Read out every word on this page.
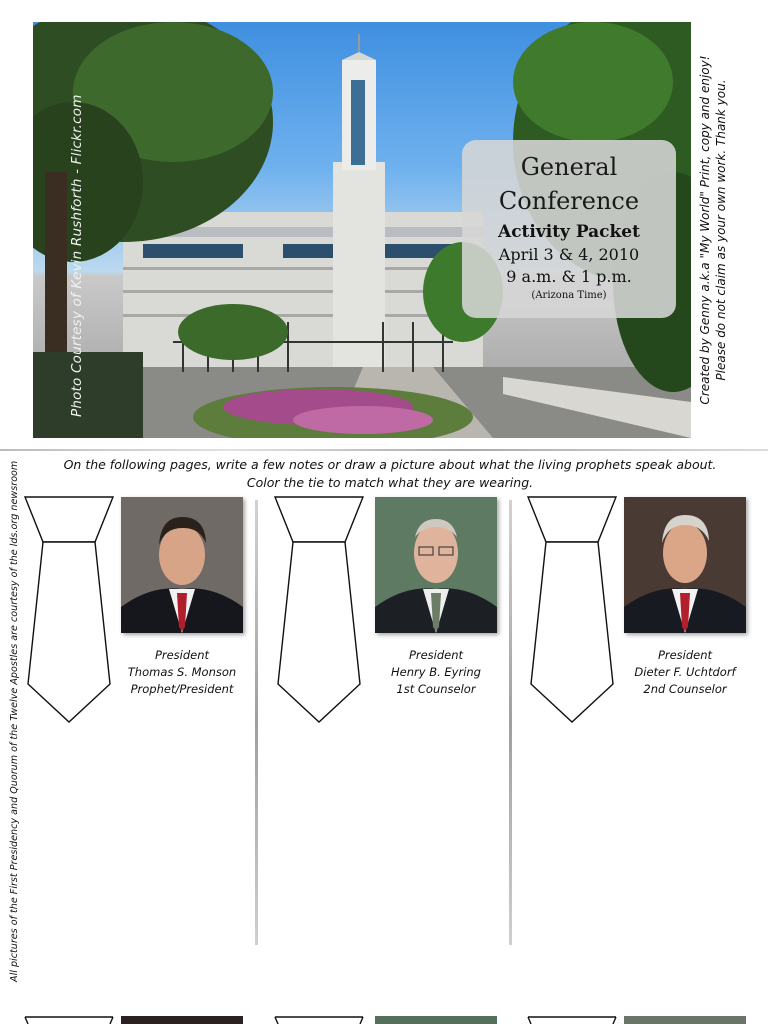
Photo Courtesy of Kevin Rushforth - Flickr.com	General
Conference
Activity Packet
April 3 & 4, 2010
9 a.m. & 1 p.m.
(Arizona Time)	Created by Genny a.k.a "My World" Print, copy and enjoy! Please do not claim as your own work. Thank you.
On the following pages, write a few notes or draw a picture about what the living prophets speak about.
Color the tie to match what they are wearing.
All pictures of the First Presidency and Quorum of the Twelve Apostles are courtesy of the lds.org newsroom	President
Thomas S. Monson
Prophet/President
President
Henry B. Eyring
1st Counselor
President
Dieter F. Uchtdorf
2nd Counselor
